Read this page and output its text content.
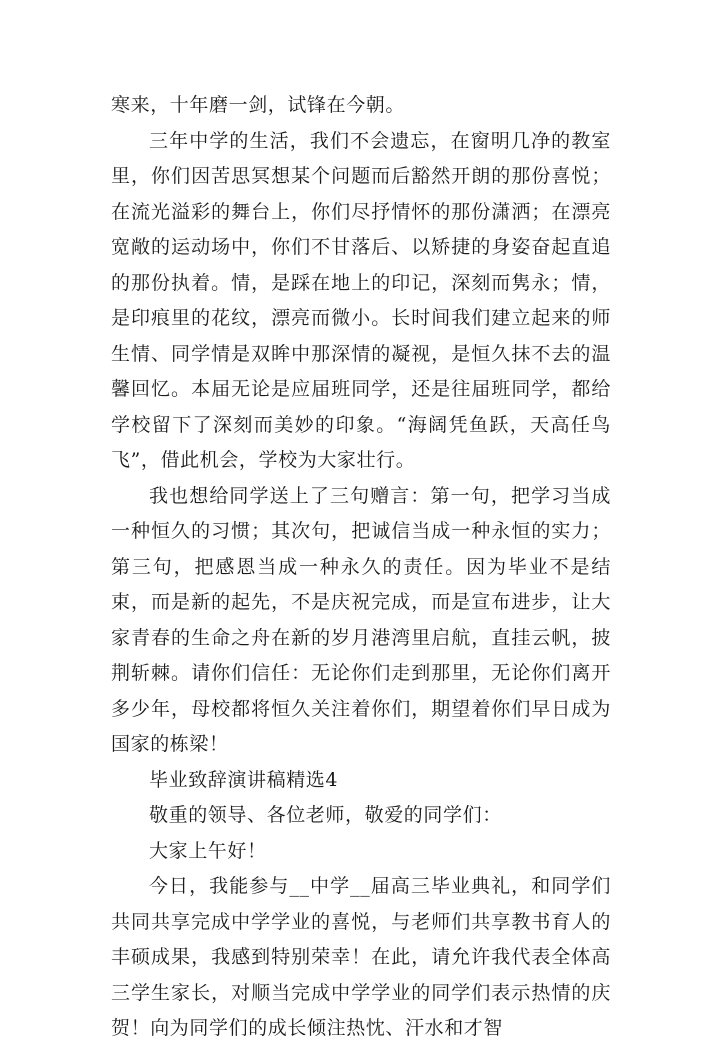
寒来，十年磨一剑，试锋在今朝。

三年中学的生活，我们不会遗忘，在窗明几净的教室里，你们因苦思冥想某个问题而后豁然开朗的那份喜悦；在流光溢彩的舞台上，你们尽抒情怀的那份潇洒；在漂亮宽敞的运动场中，你们不甘落后、以矫捷的身姿奋起直追的那份执着。情，是踩在地上的印记，深刻而隽永；情，是印痕里的花纹，漂亮而微小。长时间我们建立起来的师生情、同学情是双眸中那深情的凝视，是恒久抹不去的温馨回忆。本届无论是应届班同学，还是往届班同学，都给学校留下了深刻而美妙的印象。“海阔凭鱼跃，天高任鸟飞”，借此机会，学校为大家壮行。

我也想给同学送上了三句赠言：第一句，把学习当成一种恒久的习惯；其次句，把诚信当成一种永恒的实力；第三句，把感恩当成一种永久的责任。因为毕业不是结束，而是新的起先，不是庆祝完成，而是宣布进步，让大家青春的生命之舟在新的岁月港湾里启航，直挂云帆，披荆斩棘。请你们信任：无论你们走到那里，无论你们离开多少年，母校都将恒久关注着你们，期望着你们早日成为国家的栋梁！

毕业致辞演讲稿精选4

敬重的领导、各位老师，敬爱的同学们：

大家上午好！

今日，我能参与__中学__届高三毕业典礼，和同学们共同共享完成中学学业的喜悦，与老师们共享教书育人的丰硕成果，我感到特别荣幸！在此，请允许我代表全体高三学生家长，对顺当完成中学学业的同学们表示热情的庆贺！向为同学们的成长倾注热忱、汗水和才智
